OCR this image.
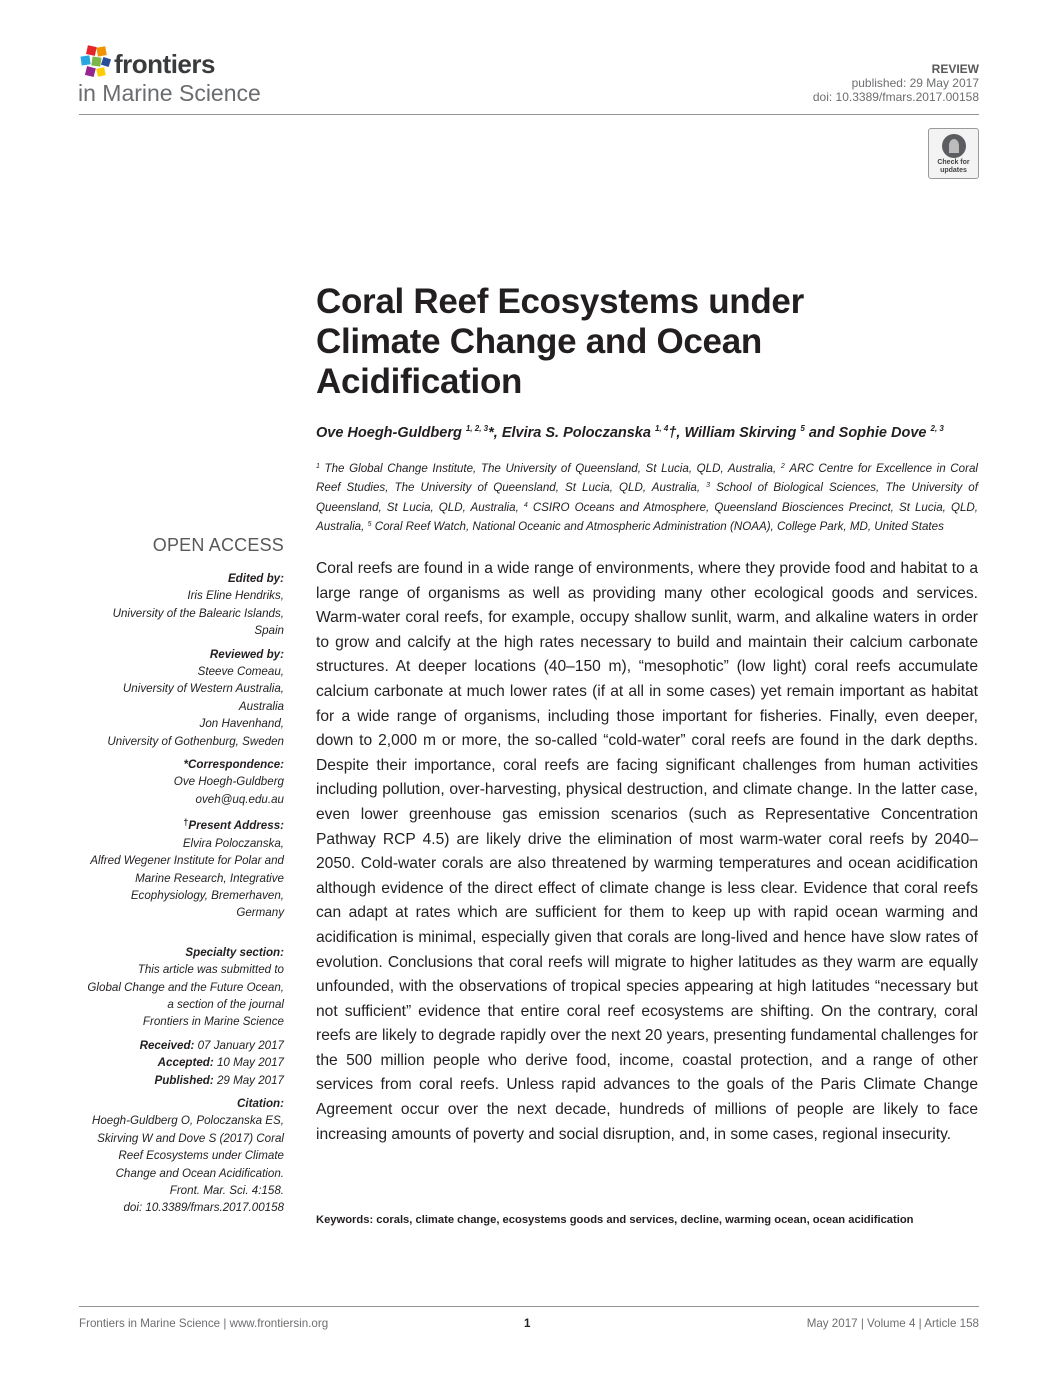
frontiers
in Marine Science
REVIEW
published: 29 May 2017
doi: 10.3389/fmars.2017.00158
Check for
updates
Coral Reef Ecosystems under
Climate Change and Ocean
Acidification
Ove Hoegh-Guldberg $^{1, 2, 3}$*, Elvira S. Poloczanska $^{1, 4}$†, William Skirving $^5$ and Sophie Dove $^{2, 3}$
$^1$ The Global Change Institute, The University of Queensland, St Lucia, QLD, Australia, $^2$ ARC Centre for Excellence in Coral Reef Studies, The University of Queensland, St Lucia, QLD, Australia, $^3$ School of Biological Sciences, The University of Queensland, St Lucia, QLD, Australia, $^4$ CSIRO Oceans and Atmosphere, Queensland Biosciences Precinct, St Lucia, QLD, Australia, $^5$ Coral Reef Watch, National Oceanic and Atmospheric Administration (NOAA), College Park, MD, United States
OPEN ACCESS
Edited by:
Iris Eline Hendriks,
University of the Balearic Islands,
Spain
Reviewed by:
Steeve Comeau,
University of Western Australia,
Australia
Jon Havenhand,
University of Gothenburg, Sweden
*Correspondence:
Ove Hoegh-Guldberg
oveh@uq.edu.au
†Present Address:
Elvira Poloczanska,
Alfred Wegener Institute for Polar and
Marine Research, Integrative
Ecophysiology, Bremerhaven,
Germany
Specialty section:
This article was submitted to
Global Change and the Future Ocean,
a section of the journal
Frontiers in Marine Science
Received: 07 January 2017
Accepted: 10 May 2017
Published: 29 May 2017
Citation:
Hoegh-Guldberg O, Poloczanska ES,
Skirving W and Dove S (2017) Coral
Reef Ecosystems under Climate
Change and Ocean Acidification.
Front. Mar. Sci. 4:158.
doi: 10.3389/fmars.2017.00158

Coral reefs are found in a wide range of environments, where they provide food and habitat to a large range of organisms as well as providing many other ecological goods and services. Warm-water coral reefs, for example, occupy shallow sunlit, warm, and alkaline waters in order to grow and calcify at the high rates necessary to build and maintain their calcium carbonate structures. At deeper locations (40–150 m), “mesophotic” (low light) coral reefs accumulate calcium carbonate at much lower rates (if at all in some cases) yet remain important as habitat for a wide range of organisms, including those important for fisheries. Finally, even deeper, down to 2,000 m or more, the so-called “cold-water” coral reefs are found in the dark depths. Despite their importance, coral reefs are facing significant challenges from human activities including pollution, over-harvesting, physical destruction, and climate change. In the latter case, even lower greenhouse gas emission scenarios (such as Representative Concentration Pathway RCP 4.5) are likely drive the elimination of most warm-water coral reefs by 2040–2050. Cold-water corals are also threatened by warming temperatures and ocean acidification although evidence of the direct effect of climate change is less clear. Evidence that coral reefs can adapt at rates which are sufficient for them to keep up with rapid ocean warming and acidification is minimal, especially given that corals are long-lived and hence have slow rates of evolution. Conclusions that coral reefs will migrate to higher latitudes as they warm are equally unfounded, with the observations of tropical species appearing at high latitudes “necessary but not sufficient” evidence that entire coral reef ecosystems are shifting. On the contrary, coral reefs are likely to degrade rapidly over the next 20 years, presenting fundamental challenges for the 500 million people who derive food, income, coastal protection, and a range of other services from coral reefs. Unless rapid advances to the goals of the Paris Climate Change Agreement occur over the next decade, hundreds of millions of people are likely to face increasing amounts of poverty and social disruption, and, in some cases, regional insecurity.

Keywords: corals, climate change, ecosystems goods and services, decline, warming ocean, ocean acidification
Frontiers in Marine Science | www.frontiersin.org	1	May 2017 | Volume 4 | Article 158
